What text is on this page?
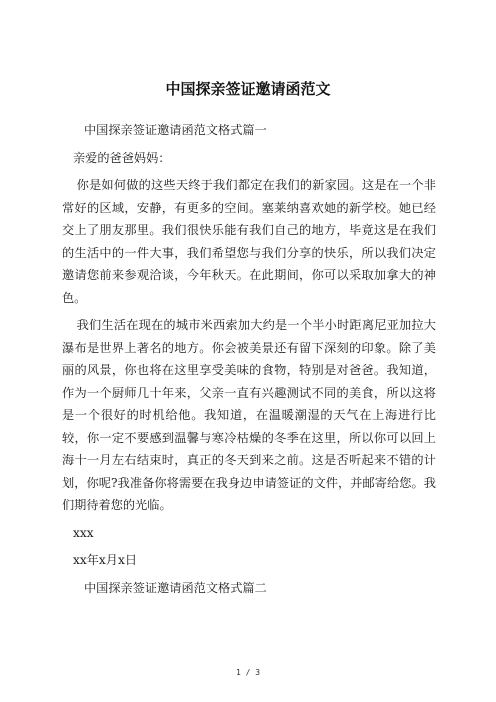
中国探亲签证邀请函范文

中国探亲签证邀请函范文格式篇一

亲爱的爸爸妈妈：

你是如何做的这些天终于我们都定在我们的新家园。这是在一个非常好的区域，安静，有更多的空间。塞莱纳喜欢她的新学校。她已经交上了朋友那里。我们很快乐能有我们自己的地方，毕竟这是在我们的生活中的一件大事，我们希望您与我们分享的快乐，所以我们决定邀请您前来参观洽谈，今年秋天。在此期间，你可以采取加拿大的神色。

我们生活在现在的城市米西索加大约是一个半小时距离尼亚加拉大瀑布是世界上著名的地方。你会被美景还有留下深刻的印象。除了美丽的风景，你也将在这里享受美味的食物，特别是对爸爸。我知道，作为一个厨师几十年来，父亲一直有兴趣测试不同的美食，所以这将是一个很好的时机给他。我知道，在温暖潮湿的天气在上海进行比较，你一定不要感到温馨与寒冷枯燥的冬季在这里，所以你可以回上海十一月左右结束时，真正的冬天到来之前。这是否听起来不错的计划，你呢?我准备你将需要在我身边申请签证的文件，并邮寄给您。我们期待着您的光临。

xxx

xx年x月x日

中国探亲签证邀请函范文格式篇二

1 / 3
